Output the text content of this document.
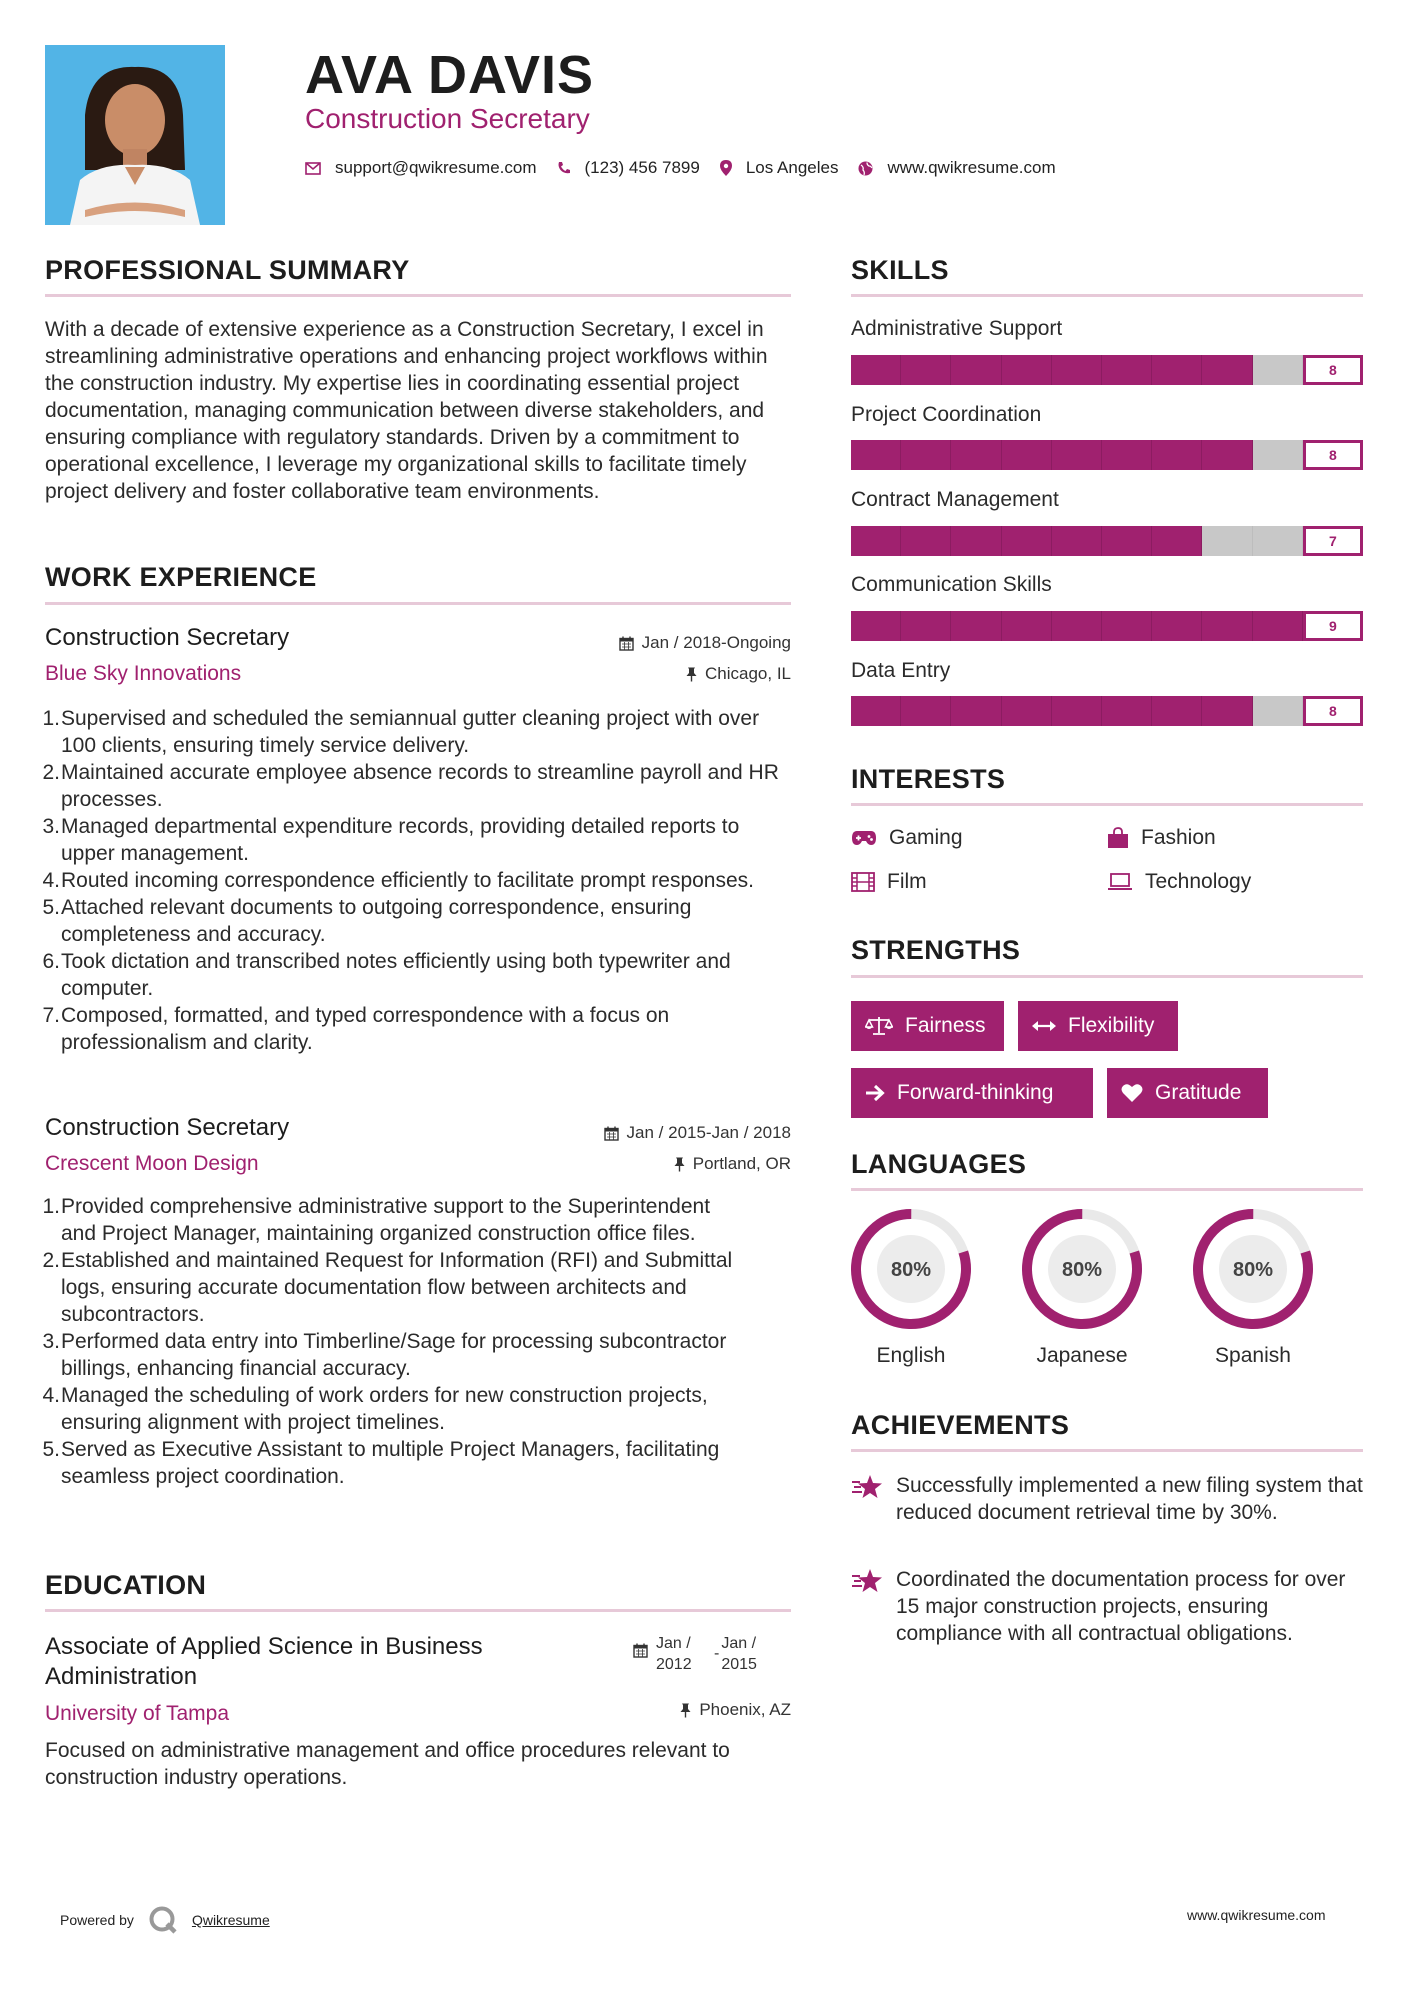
AVA DAVIS
Construction Secretary
support@qwikresume.com	(123) 456 7899	Los Angeles	www.qwikresume.com
PROFESSIONAL SUMMARY
With a decade of extensive experience as a Construction Secretary, I excel in streamlining administrative operations and enhancing project workflows within the construction industry. My expertise lies in coordinating essential project documentation, managing communication between diverse stakeholders, and ensuring compliance with regulatory standards. Driven by a commitment to operational excellence, I leverage my organizational skills to facilitate timely project delivery and foster collaborative team environments.
WORK EXPERIENCE
Construction Secretary
Blue Sky Innovations
Jan / 2018-Ongoing
Chicago, IL
1. Supervised and scheduled the semiannual gutter cleaning project with over 100 clients, ensuring timely service delivery.
2. Maintained accurate employee absence records to streamline payroll and HR processes.
3. Managed departmental expenditure records, providing detailed reports to upper management.
4. Routed incoming correspondence efficiently to facilitate prompt responses.
5. Attached relevant documents to outgoing correspondence, ensuring completeness and accuracy.
6. Took dictation and transcribed notes efficiently using both typewriter and computer.
7. Composed, formatted, and typed correspondence with a focus on professionalism and clarity.
Construction Secretary
Crescent Moon Design
Jan / 2015-Jan / 2018
Portland, OR
1. Provided comprehensive administrative support to the Superintendent and Project Manager, maintaining organized construction office files.
2. Established and maintained Request for Information (RFI) and Submittal logs, ensuring accurate documentation flow between architects and subcontractors.
3. Performed data entry into Timberline/Sage for processing subcontractor billings, enhancing financial accuracy.
4. Managed the scheduling of work orders for new construction projects, ensuring alignment with project timelines.
5. Served as Executive Assistant to multiple Project Managers, facilitating seamless project coordination.
EDUCATION
Associate of Applied Science in Business Administration
University of Tampa
Jan / 2012
-
Jan / 2015
Phoenix, AZ
Focused on administrative management and office procedures relevant to construction industry operations.
SKILLS
Administrative Support
8
Project Coordination
8
Contract Management
7
Communication Skills
9
Data Entry
8
INTERESTS
Gaming	Fashion
Film	Technology
STRENGTHS
Fairness	Flexibility
Forward-thinking	Gratitude
LANGUAGES
80%
English
80%
Japanese
80%
Spanish
ACHIEVEMENTS
Successfully implemented a new filing system that reduced document retrieval time by 30%.
Coordinated the documentation process for over 15 major construction projects, ensuring compliance with all contractual obligations.
Powered by	Qwikresume	www.qwikresume.com
